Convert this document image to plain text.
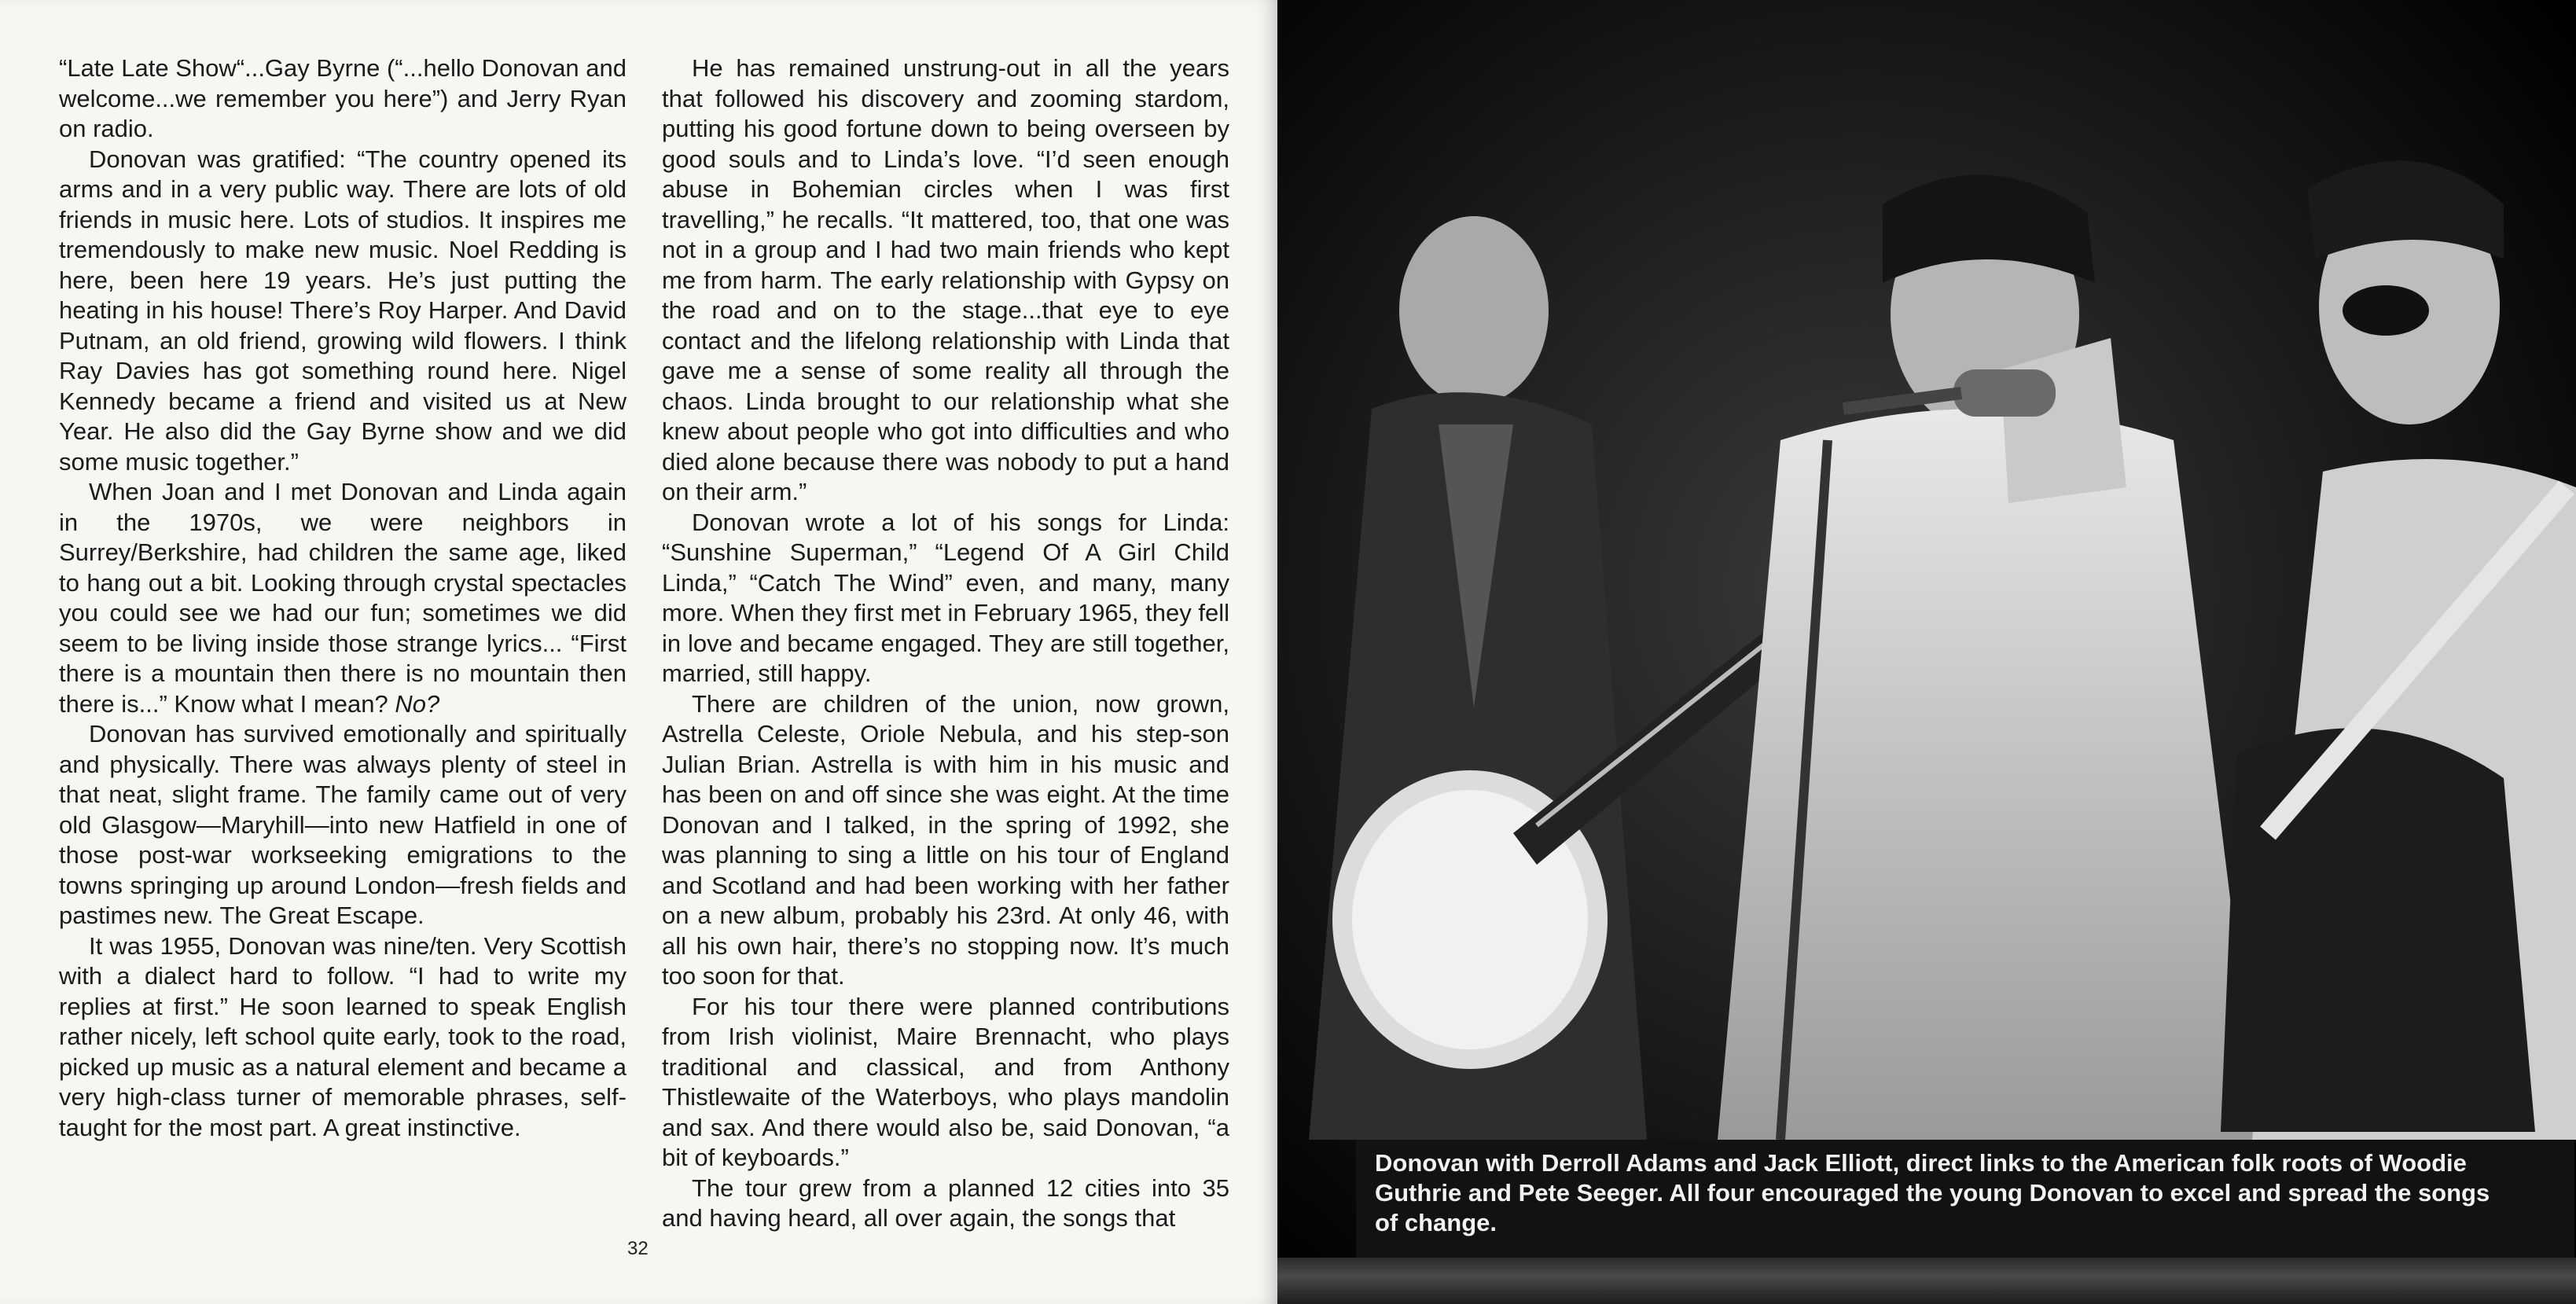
“Late Late Show“...Gay Byrne (“...hello Donovan and welcome...we remember you here”) and Jerry Ryan on radio.

Donovan was gratified: “The country opened its arms and in a very public way. There are lots of old friends in music here. Lots of studios. It inspires me tremendously to make new music. Noel Redding is here, been here 19 years. He’s just putting the heating in his house! There’s Roy Harper. And David Putnam, an old friend, growing wild flowers. I think Ray Davies has got something round here. Nigel Kennedy became a friend and visited us at New Year. He also did the Gay Byrne show and we did some music together.”

When Joan and I met Donovan and Linda again in the 1970s, we were neighbors in Surrey/Berkshire, had children the same age, liked to hang out a bit. Looking through crystal spectacles you could see we had our fun; sometimes we did seem to be living inside those strange lyrics... “First there is a mountain then there is no mountain then there is...” Know what I mean? No?

Donovan has survived emotionally and spiritually and physically. There was always plenty of steel in that neat, slight frame. The family came out of very old Glasgow—Maryhill—into new Hatfield in one of those post-war workseeking emigrations to the towns springing up around London—fresh fields and pastimes new. The Great Escape.

It was 1955, Donovan was nine/ten. Very Scottish with a dialect hard to follow. “I had to write my replies at first.” He soon learned to speak English rather nicely, left school quite early, took to the road, picked up music as a natural element and became a very high-class turner of memorable phrases, self-taught for the most part. A great instinctive.

He has remained unstrung-out in all the years that followed his discovery and zooming stardom, putting his good fortune down to being overseen by good souls and to Linda’s love. “I’d seen enough abuse in Bohemian circles when I was first travelling,” he recalls. “It mattered, too, that one was not in a group and I had two main friends who kept me from harm. The early relationship with Gypsy on the road and on to the stage...that eye to eye contact and the lifelong relationship with Linda that gave me a sense of some reality all through the chaos. Linda brought to our relationship what she knew about people who got into difficulties and who died alone because there was nobody to put a hand on their arm.”

Donovan wrote a lot of his songs for Linda: “Sunshine Superman,” “Legend Of A Girl Child Linda,” “Catch The Wind” even, and many, many more. When they first met in February 1965, they fell in love and became engaged. They are still together, married, still happy.

There are children of the union, now grown, Astrella Celeste, Oriole Nebula, and his step-son Julian Brian. Astrella is with him in his music and has been on and off since she was eight. At the time Donovan and I talked, in the spring of 1992, she was planning to sing a little on his tour of England and Scotland and had been working with her father on a new album, probably his 23rd. At only 46, with all his own hair, there’s no stopping now. It’s much too soon for that.

For his tour there were planned contributions from Irish violinist, Maire Brennacht, who plays traditional and classical, and from Anthony Thistlewaite of the Waterboys, who plays mandolin and sax. And there would also be, said Donovan, “a bit of keyboards.”

The tour grew from a planned 12 cities into 35 and having heard, all over again, the songs that

32
Donovan with Derroll Adams and Jack Elliott, direct links to the American folk roots of Woodie Guthrie and Pete Seeger. All four encouraged the young Donovan to excel and spread the songs of change.
